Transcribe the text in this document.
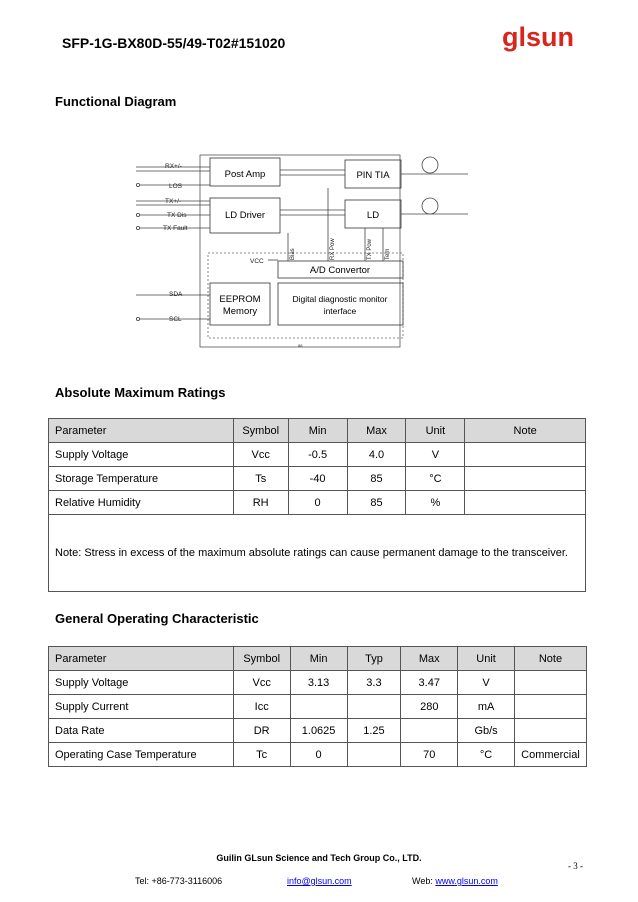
SFP-1G-BX80D-55/49-T02#151020	glsun
Functional Diagram
Post Amp
LD Driver
PIN TIA
LD
A/D Convertor
EEPROM
Memory
Digital diagnostic monitor
interface
RX+/-
LOS
TX+/-
TX Dis
TX Fault
SDA
SCL
VCC
Bias	RX Pow	TX Pow Tem
88
Absolute Maximum Ratings
Parameter	Symbol	Min	Max	Unit	Note
Supply Voltage	Vcc	-0.5	4.0	V	
Storage Temperature	Ts	-40	85	°C	
Relative Humidity	RH	0	85	%	
Note: Stress in excess of the maximum absolute ratings can cause permanent damage to the transceiver.					
General Operating Characteristic
Parameter	Symbol	Min	Typ	Max	Unit	Note
Supply Voltage	Vcc	3.13	3.3	3.47	V	
Supply Current	Icc			280	mA	
Data Rate	DR	1.0625	1.25		Gb/s	
Operating Case Temperature	Tc	0		70	°C	Commercial
Guilin GLsun Science and Tech Group Co., LTD.
- 3 -
Tel: +86-773-3116006	info@glsun.com	Web: www.glsun.com
